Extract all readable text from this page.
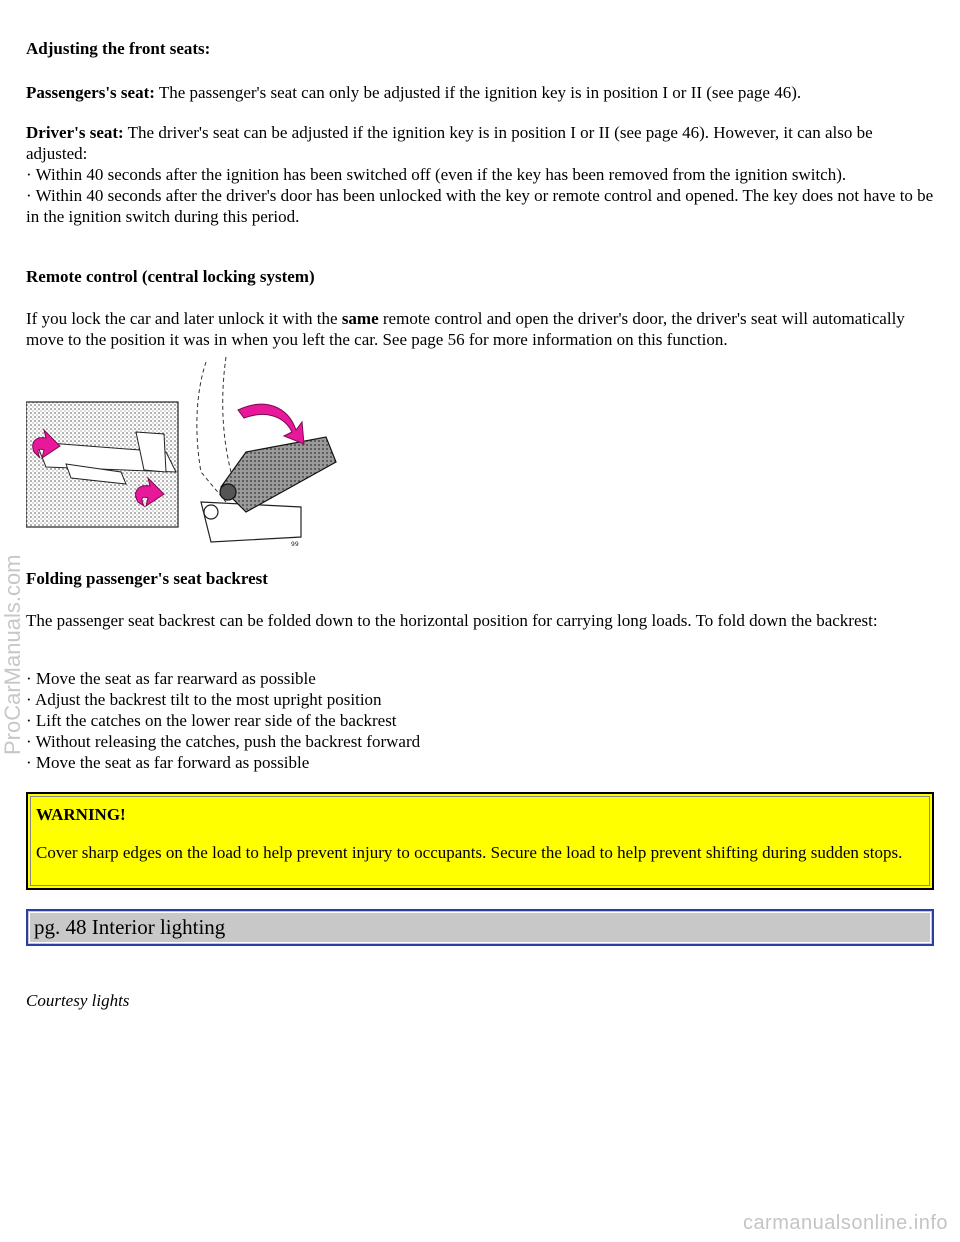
Adjusting the front seats:

Passengers's seat: The passenger's seat can only be adjusted if the ignition key is in position I or II (see page 46).

Driver's seat: The driver's seat can be adjusted if the ignition key is in position I or II (see page 46). However, it can also be adjusted:

· Within 40 seconds after the ignition has been switched off (even if the key has been removed from the ignition switch).
· Within 40 seconds after the driver's door has been unlocked with the key or remote control and opened. The key does not have to be in the ignition switch during this period.

Remote control (central locking system)

If you lock the car and later unlock it with the same remote control and open the driver's door, the driver's seat will automatically move to the position it was in when you left the car. See page 56 for more information on this function.

99

Folding passenger's seat backrest

The passenger seat backrest can be folded down to the horizontal position for carrying long loads. To fold down the backrest:

· Move the seat as far rearward as possible
· Adjust the backrest tilt to the most upright position
· Lift the catches on the lower rear side of the backrest
· Without releasing the catches, push the backrest forward
· Move the seat as far forward as possible

WARNING!

Cover sharp edges on the load to help prevent injury to occupants. Secure the load to help prevent shifting during sudden stops.

pg. 48 Interior lighting

Courtesy lights

ProCarManuals.com
carmanualsonline.info
